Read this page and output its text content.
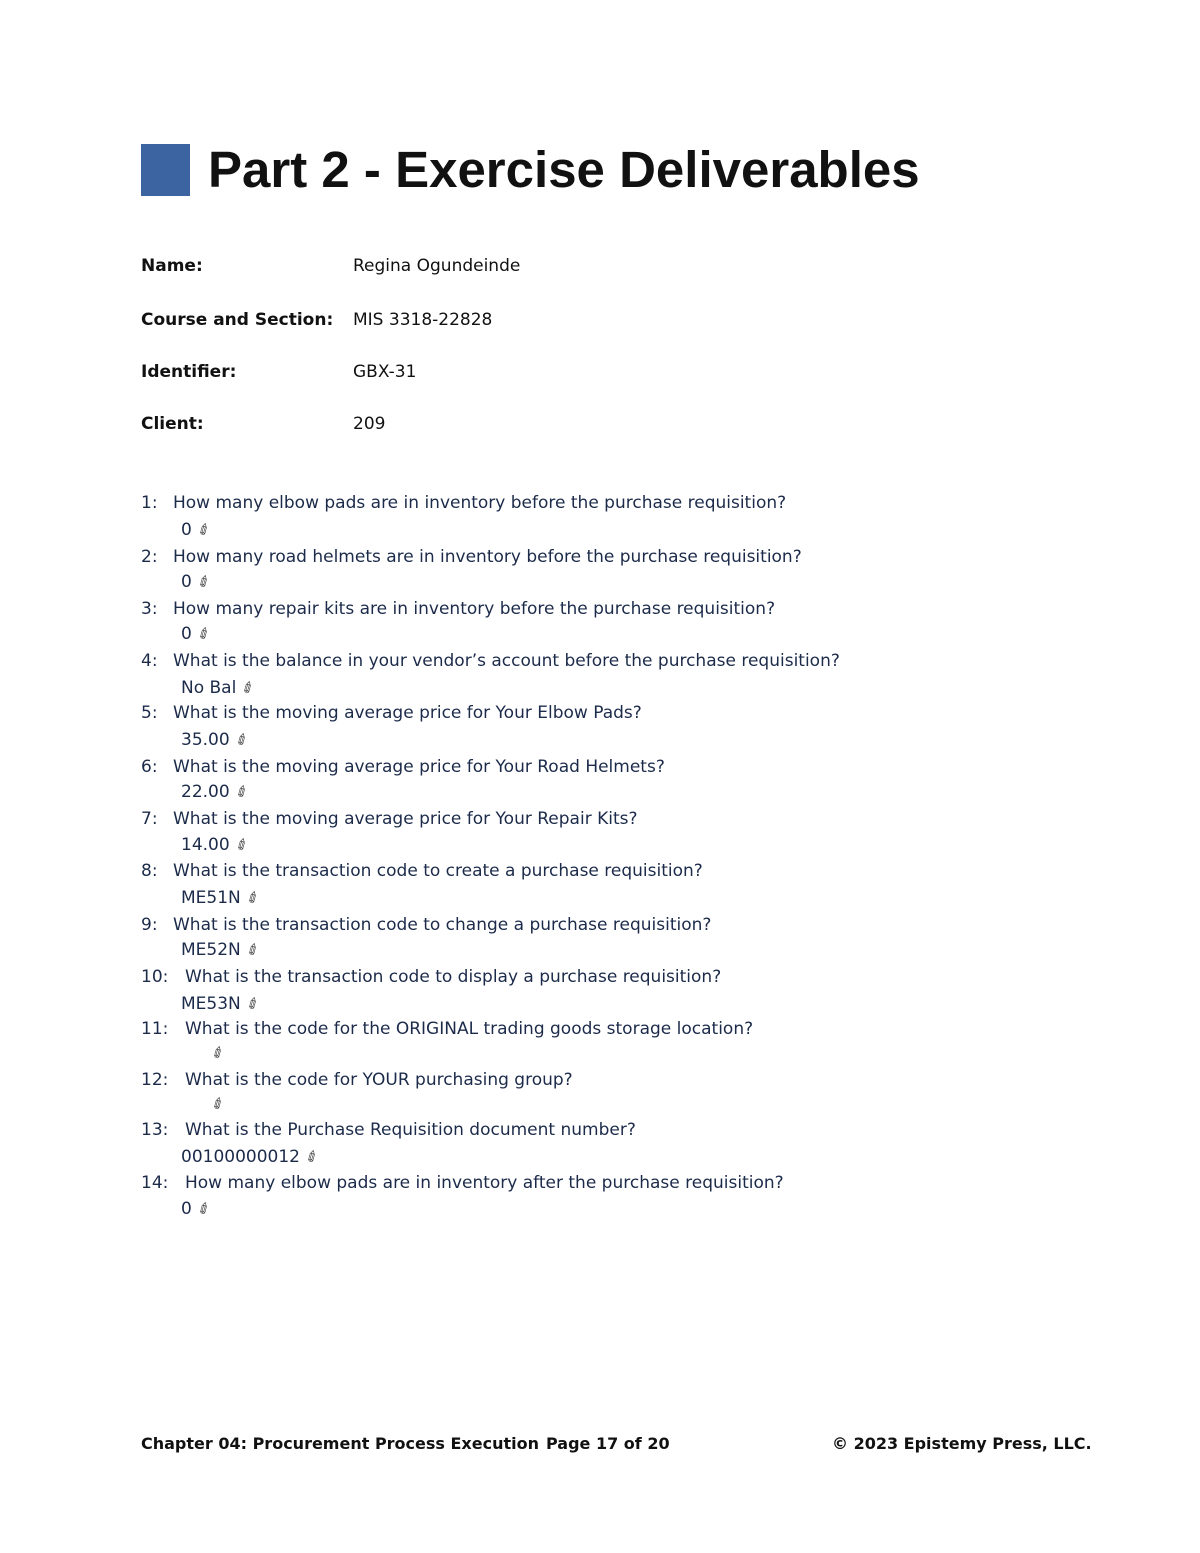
Part 2 - Exercise Deliverables
Name:	Regina Ogundeinde
Course and Section: MIS 3318-22828
Identifier:	GBX-31
Client:	209
1: How many elbow pads are in inventory before the purchase requisition?
0 ✐
2: How many road helmets are in inventory before the purchase requisition?
0 ✐
3: How many repair kits are in inventory before the purchase requisition?
0 ✐
4: What is the balance in your vendor’s account before the purchase requisition?
No Bal ✐
5: What is the moving average price for Your Elbow Pads?
35.00 ✐
6: What is the moving average price for Your Road Helmets?
22.00 ✐
7: What is the moving average price for Your Repair Kits?
14.00 ✐
8: What is the transaction code to create a purchase requisition?
ME51N ✐
9: What is the transaction code to change a purchase requisition?
ME52N ✐
10: What is the transaction code to display a purchase requisition?
ME53N ✐
11: What is the code for the ORIGINAL trading goods storage location?
✐
12: What is the code for YOUR purchasing group?
✐
13: What is the Purchase Requisition document number?
00100000012 ✐
14: How many elbow pads are in inventory after the purchase requisition?
0 ✐
Chapter 04: Procurement Process Execution Page 17 of 20	© 2023 Epistemy Press, LLC.
